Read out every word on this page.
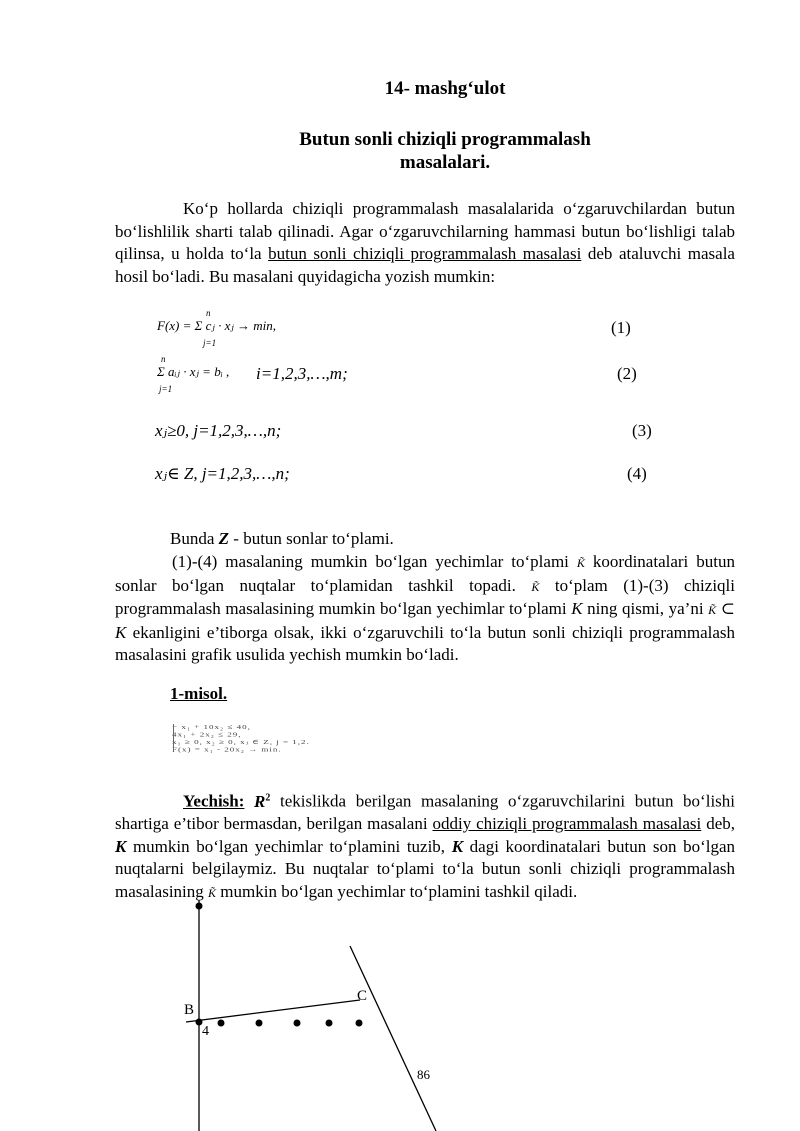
14- mashg‘ulot
Butun sonli chiziqli programmalash
masalalari.

Ko‘p hollarda chiziqli programmalash masalalarida o‘zgaruvchilardan butun bo‘lishlilik sharti talab qilinadi. Agar o‘zgaruvchilarning hammasi butun bo‘lishligi talab qilinsa, u holda to‘la butun sonli chiziqli programmalash masalasi deb ataluvchi masala hosil bo‘ladi. Bu masalani quyidagicha yozish mumkin:

n
F(x) = Σ cⱼ · xⱼ → min,
j=1
(1)
n
Σ aᵢⱼ · xⱼ = bᵢ , i=1,2,3,…,m;
j=1
(2)
xⱼ≥0, j=1,2,3,…,n;	(3)
xⱼ∈ Z, j=1,2,3,…,n;	(4)
Bunda Z - butun sonlar to‘plami.

(1)-(4) masalaning mumkin bo‘lgan yechimlar to‘plami K̃ koordinatalari butun sonlar bo‘lgan nuqtalar to‘plamidan tashkil topadi. K̃ to‘plam (1)-(3) chiziqli programmalash masalasining mumkin bo‘lgan yechimlar to‘plami K ning qismi, ya’ni K̃ ⊂ K ekanligini e’tiborga olsak, ikki o‘zgaruvchili to‘la butun sonli chiziqli programmalash masalasini grafik usulida yechish mumkin bo‘ladi.

1-misol.
− x₁ + 10x₂ ≤ 40,
4x₁ + 2x₂ ≤ 29,
x₁ ≥ 0, x₂ ≥ 0, xⱼ ∈ Z, j = 1,2.
F(x) = x₁ - 20x₂ → min.

Yechish: $R^2$ tekislikda berilgan masalaning o‘zgaruvchilarini butun bo‘lishi shartiga e’tibor bermasdan, berilgan masalani oddiy chiziqli programmalash masalasi deb, K mumkin bo‘lgan yechimlar to‘plamini tuzib, K dagi koordinatalari butun son bo‘lgan nuqtalarni belgilaymiz. Bu nuqtalar to‘plami to‘la butun sonli chiziqli programmalash masalasining K̃ mumkin bo‘lgan yechimlar to‘plamini tashkil qiladi.

B
C
4
86
